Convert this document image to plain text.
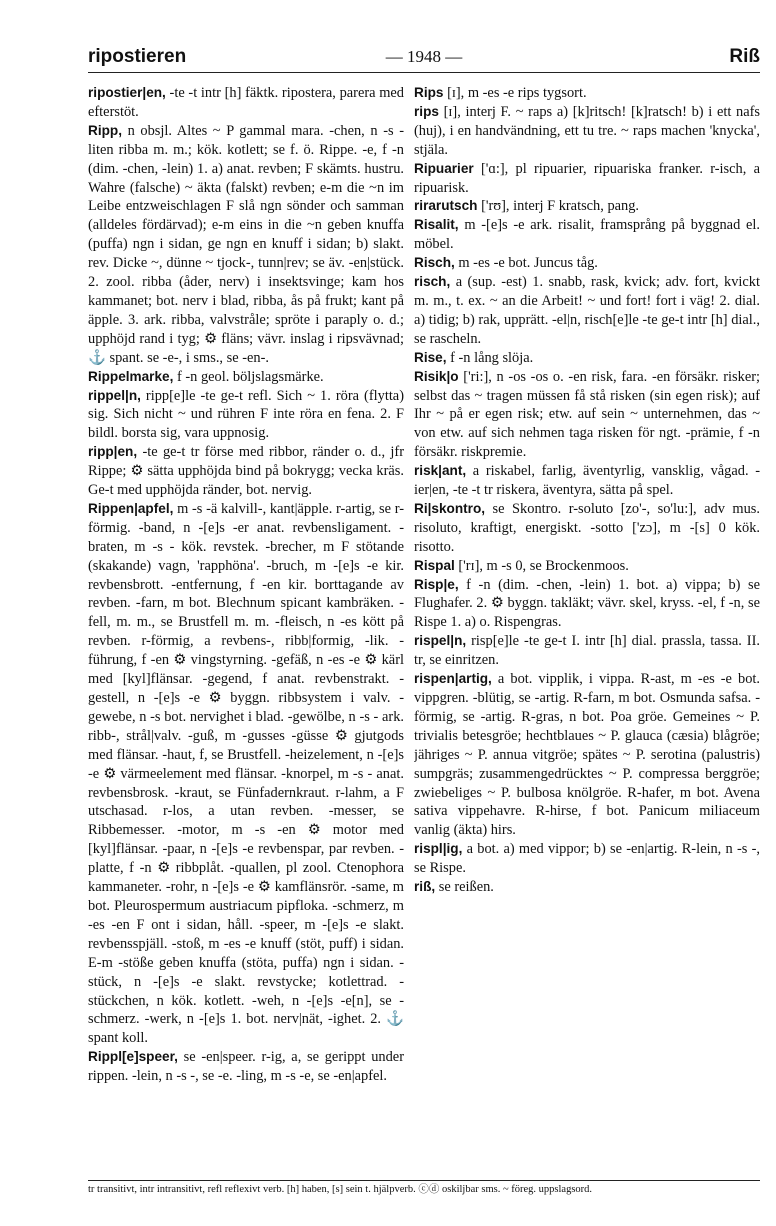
ripostieren	— 1948 —	Riß

ripostier|en, -te -t intr [h] fäktk. ripostera, parera med efterstöt.

Ripp, n obsjl. Altes ~ P gammal mara. -chen, n -s - liten ribba m. m.; kök. kotlett; se f. ö. Rippe. -e, f -n (dim. -chen, -lein) 1. a) anat. revben; F skämts. hustru. Wahre (falsche) ~ äkta (falskt) revben; e-m die ~n im Leibe entzweischlagen F slå ngn sönder och samman (alldeles fördärvad); e-m eins in die ~n geben knuffa (puffa) ngn i sidan, ge ngn en knuff i sidan; b) slakt. rev. Dicke ~, dünne ~ tjock-, tunn|rev; se äv. -en|stück. 2. zool. ribba (åder, nerv) i insektsvinge; kam hos kammanet; bot. nerv i blad, ribba, ås på frukt; kant på äpple. 3. ark. ribba, valvstråle; spröte i paraply o. d.; upphöjd rand i tyg; ⚙ fläns; vävr. inslag i ripsvävnad; ⚓ spant. se -e-, i sms., se -en-.

Rippelmarke, f -n geol. böljslagsmärke.

rippel|n, ripp[e]le -te ge-t refl. Sich ~ 1. röra (flytta) sig. Sich nicht ~ und rühren F inte röra en fena. 2. F bildl. borsta sig, vara uppnosig.

ripp|en, -te ge-t tr förse med ribbor, ränder o. d., jfr Rippe; ⚙ sätta upphöjda bind på bokrygg; vecka kräs. Ge-t med upphöjda ränder, bot. nervig.

Rippen|apfel, m -s -ä kalvill-, kant|äpple. r-artig, se r-förmig. -band, n -[e]s -er anat. revbensligament. -braten, m -s - kök. revstek. -brecher, m F stötande (skakande) vagn, 'rapphöna'. -bruch, m -[e]s -e kir. revbensbrott. -entfernung, f -en kir. borttagande av revben. -farn, m bot. Blechnum spicant kambräken. -fell, m. m., se Brustfell m. m. -fleisch, n -es kött på revben. r-förmig, a revbens-, ribb|formig, -lik. -führung, f -en ⚙ vingstyrning. -gefäß, n -es -e ⚙ kärl med [kyl]flänsar. -gegend, f anat. revbenstrakt. -gestell, n -[e]s -e ⚙ byggn. ribbsystem i valv. -gewebe, n -s bot. nervighet i blad. -gewölbe, n -s - ark. ribb-, strål|valv. -guß, m -gusses -güsse ⚙ gjutgods med flänsar. -haut, f, se Brustfell. -heizelement, n -[e]s -e ⚙ värmeelement med flänsar. -knorpel, m -s - anat. revbensbrosk. -kraut, se Fünfadernkraut. r-lahm, a F utschasad. r-los, a utan revben. -messer, se Ribbemesser. -motor, m -s -en ⚙ motor med [kyl]flänsar. -paar, n -[e]s -e revbenspar, par revben. -platte, f -n ⚙ ribbplåt. -quallen, pl zool. Ctenophora kammaneter. -rohr, n -[e]s -e ⚙ kamflänsrör. -same, m bot. Pleurospermum austriacum pipfloka. -schmerz, m -es -en F ont i sidan, håll. -speer, m -[e]s -e slakt. revbensspjäll. -stoß, m -es -e knuff (stöt, puff) i sidan. E-m -stöße geben knuffa (stöta, puffa) ngn i sidan. -stück, n -[e]s -e slakt. revstycke; kotlettrad. -stückchen, n kök. kotlett. -weh, n -[e]s -e[n], se -schmerz. -werk, n -[e]s 1. bot. nerv|nät, -ighet. 2. ⚓ spant koll.

Rippl[e]speer, se -en|speer. r-ig, a, se gerippt under rippen. -lein, n -s -, se -e. -ling, m -s -e, se -en|apfel.

Rips [ɪ], m -es -e rips tygsort.

rips [ɪ], interj F. ~ raps a) [k]ritsch! [k]ratsch! b) i ett nafs (huj), i en handvändning, ett tu tre. ~ raps machen 'knycka', stjäla.

Ripuarier ['ɑ:], pl ripuarier, ripuariska franker. r-isch, a ripuarisk.

rirarutsch ['rʊ], interj F kratsch, pang.

Risalit, m -[e]s -e ark. risalit, framsprång på byggnad el. möbel.

Risch, m -es -e bot. Juncus tåg.

risch, a (sup. -est) 1. snabb, rask, kvick; adv. fort, kvickt m. m., t. ex. ~ an die Arbeit! ~ und fort! fort i väg! 2. dial. a) tidig; b) rak, upprätt. -el|n, risch[e]le -te ge-t intr [h] dial., se rascheln.

Rise, f -n lång slöja.

Risik|o ['ri:], n -os -os o. -en risk, fara. -en försäkr. risker; selbst das ~ tragen müssen få stå risken (sin egen risk); auf Ihr ~ på er egen risk; etw. auf sein ~ unternehmen, das ~ von etw. auf sich nehmen taga risken för ngt. -prämie, f -n försäkr. riskpremie.

risk|ant, a riskabel, farlig, äventyrlig, vansklig, vågad. -ier|en, -te -t tr riskera, äventyra, sätta på spel.

Ri|skontro, se Skontro. r-soluto [zo'-, so'lu:], adv mus. risoluto, kraftigt, energiskt. -sotto ['zɔ], m -[s] 0 kök. risotto.

Rispal ['rɪ], m -s 0, se Brockenmoos.

Risp|e, f -n (dim. -chen, -lein) 1. bot. a) vippa; b) se Flughafer. 2. ⚙ byggn. takläkt; vävr. skel, kryss. -el, f -n, se Rispe 1. a) o. Rispengras.

rispel|n, risp[e]le -te ge-t I. intr [h] dial. prassla, tassa. II. tr, se einritzen.

rispen|artig, a bot. vipplik, i vippa. R-ast, m -es -e bot. vippgren. -blütig, se -artig. R-farn, m bot. Osmunda safsa. -förmig, se -artig. R-gras, n bot. Poa gröe. Gemeines ~ P. trivialis betesgröe; hechtblaues ~ P. glauca (cæsia) blågröe; jähriges ~ P. annua vitgröe; spätes ~ P. serotina (palustris) sumpgräs; zusammengedrücktes ~ P. compressa berggröe; zwiebeliges ~ P. bulbosa knölgröe. R-hafer, m bot. Avena sativa vippehavre. R-hirse, f bot. Panicum miliaceum vanlig (äkta) hirs.

rispl|ig, a bot. a) med vippor; b) se -en|artig. R-lein, n -s -, se Rispe.

riß, se reißen.

tr transitivt, intr intransitivt, refl reflexivt verb. [h] haben, [s] sein t. hjälpverb. ⓒⓓ oskiljbar sms. ~ föreg. uppslagsord.
